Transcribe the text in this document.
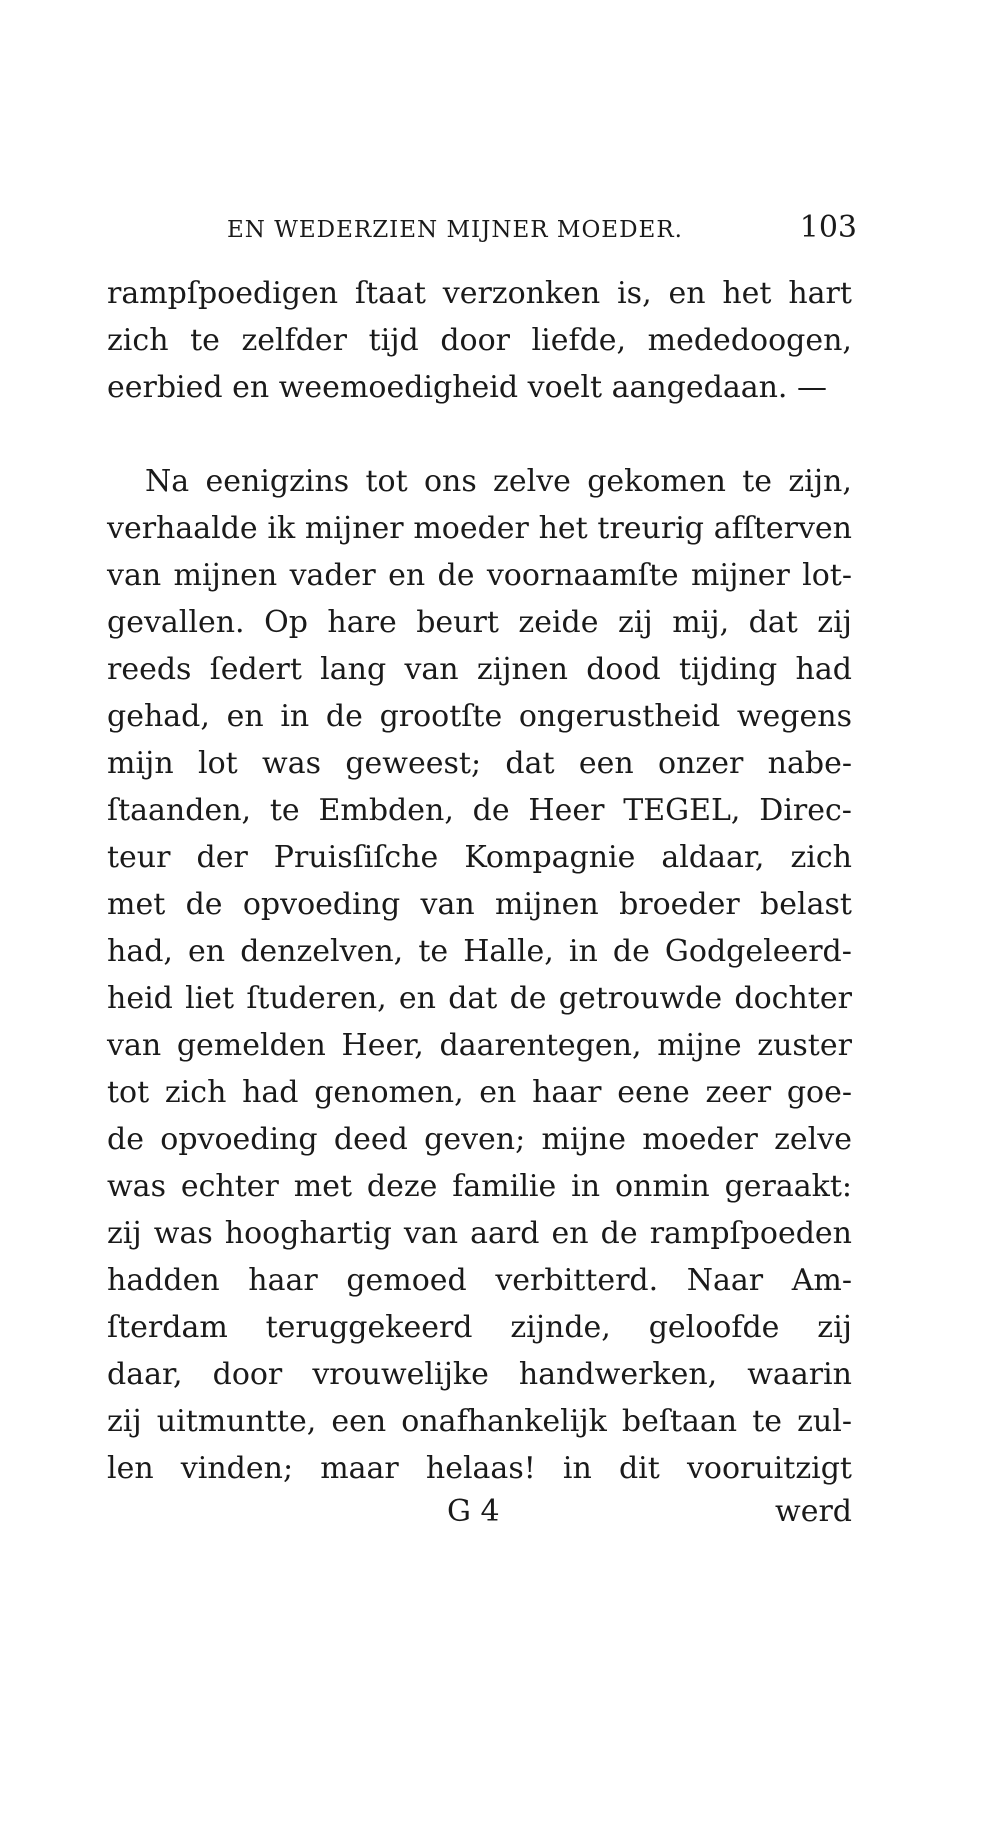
EN WEDERZIEN MIJNER MOEDER.	103
rampſpoedigen ſtaat verzonken is, en het hart
zich te zelfder tijd door liefde, mededoogen,
eerbied en weemoedigheid voelt aangedaan. —
Na eenigzins tot ons zelve gekomen te zijn,
verhaalde ik mijner moeder het treurig afſterven
van mijnen vader en de voornaamſte mijner lot-
gevallen. Op hare beurt zeide zij mij, dat zij
reeds ſedert lang van zijnen dood tijding had
gehad, en in de grootſte ongerustheid wegens
mijn lot was geweest; dat een onzer nabe-
ſtaanden, te Embden, de Heer TEGEL, Direc-
teur der Pruisſiſche Kompagnie aldaar, zich
met de opvoeding van mijnen broeder belast
had, en denzelven, te Halle, in de Godgeleerd-
heid liet ſtuderen, en dat de getrouwde dochter
van gemelden Heer, daarentegen, mijne zuster
tot zich had genomen, en haar eene zeer goe-
de opvoeding deed geven; mijne moeder zelve
was echter met deze familie in onmin geraakt:
zij was hooghartig van aard en de rampſpoeden
hadden haar gemoed verbitterd. Naar Am-
ſterdam teruggekeerd zijnde, geloofde zij
daar, door vrouwelijke handwerken, waarin
zij uitmuntte, een onafhankelijk beſtaan te zul-
len vinden; maar helaas! in dit vooruitzigt
G 4	werd
